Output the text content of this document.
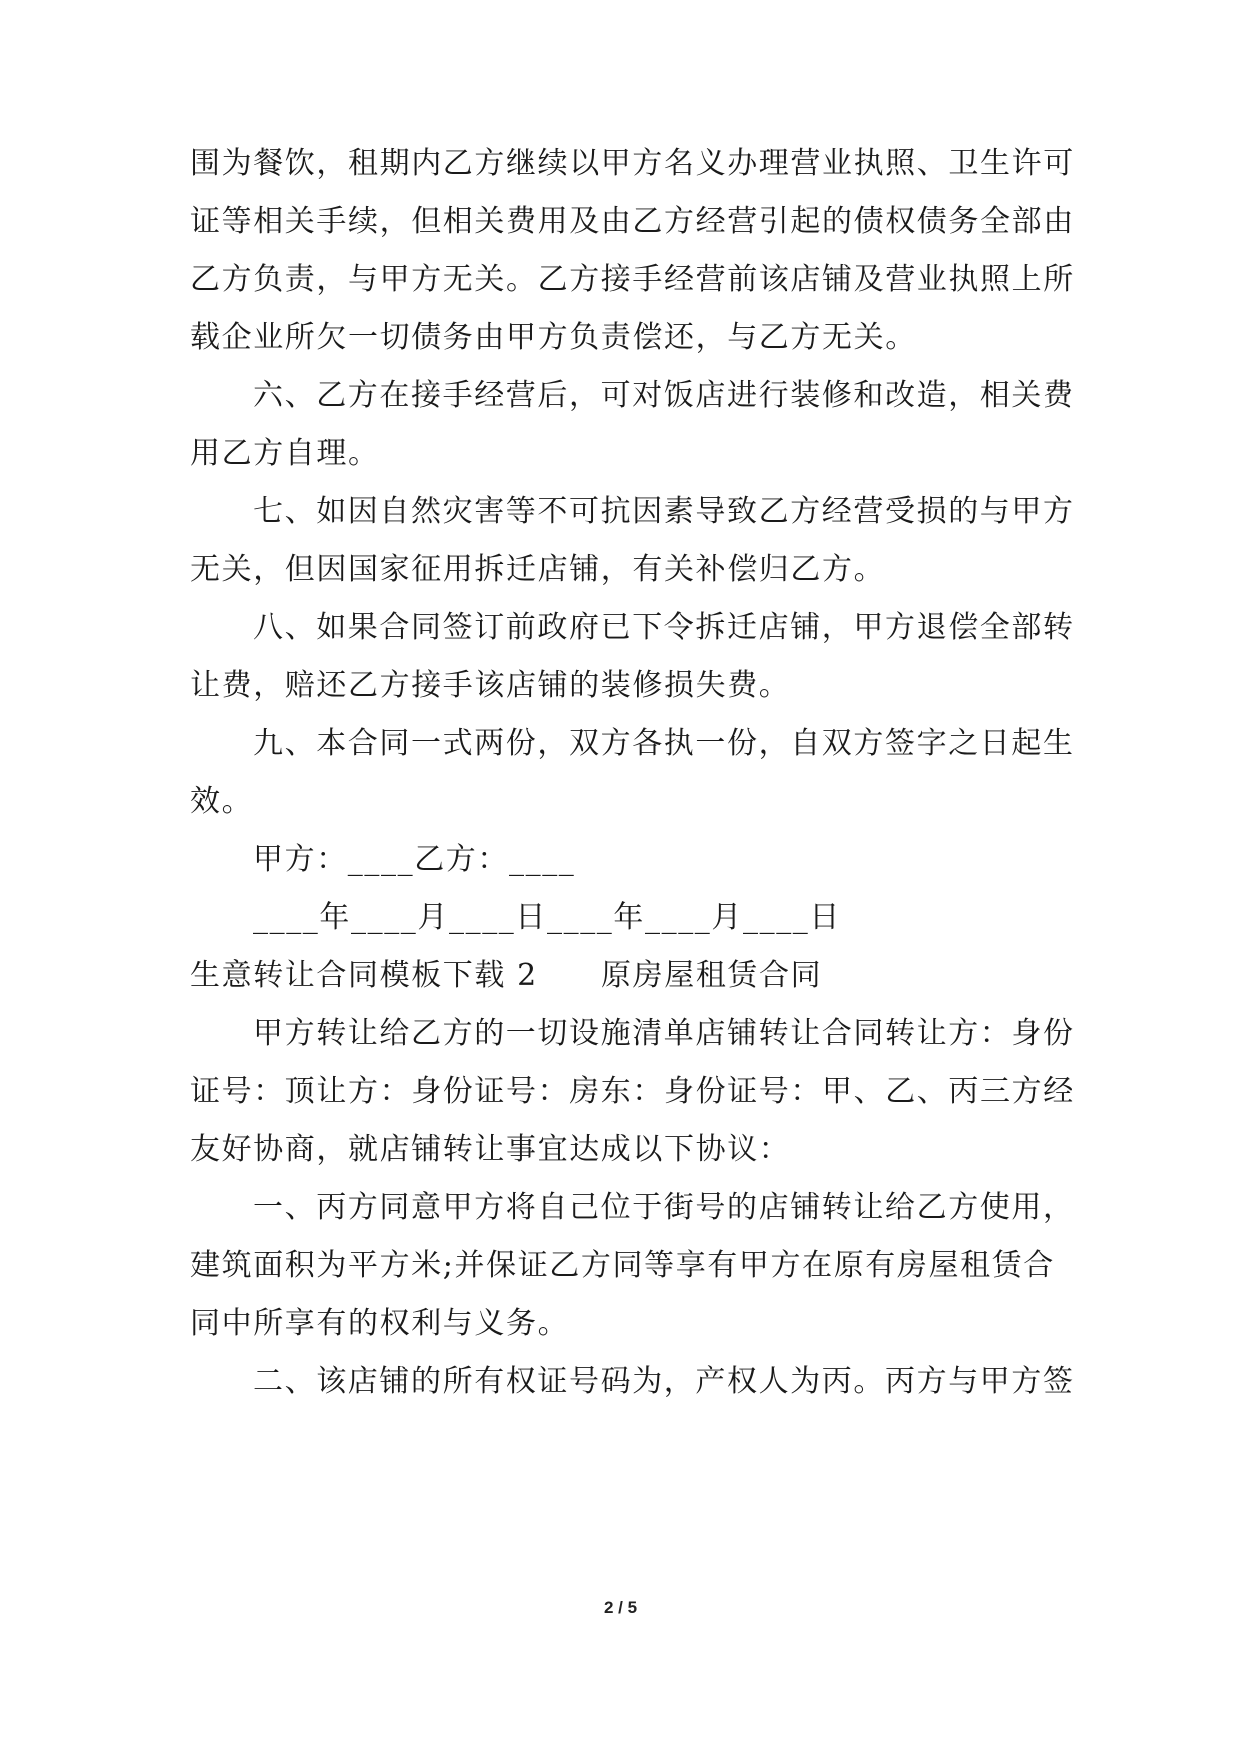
围为餐饮，租期内乙方继续以甲方名义办理营业执照、卫生许可
证等相关手续，但相关费用及由乙方经营引起的债权债务全部由
乙方负责，与甲方无关。乙方接手经营前该店铺及营业执照上所
载企业所欠一切债务由甲方负责偿还，与乙方无关。
六、乙方在接手经营后，可对饭店进行装修和改造，相关费
用乙方自理。
七、如因自然灾害等不可抗因素导致乙方经营受损的与甲方
无关，但因国家征用拆迁店铺，有关补偿归乙方。
八、如果合同签订前政府已下令拆迁店铺，甲方退偿全部转
让费，赔还乙方接手该店铺的装修损失费。
九、本合同一式两份，双方各执一份，自双方签字之日起生
效。
甲方：____乙方：____
____年____月____日____年____月____日
生意转让合同模板下载 2　　原房屋租赁合同
甲方转让给乙方的一切设施清单店铺转让合同转让方：身份
证号：顶让方：身份证号：房东：身份证号：甲、乙、丙三方经
友好协商，就店铺转让事宜达成以下协议：
一、丙方同意甲方将自己位于街号的店铺转让给乙方使用，
建筑面积为平方米;并保证乙方同等享有甲方在原有房屋租赁合
同中所享有的权利与义务。
二、该店铺的所有权证号码为，产权人为丙。丙方与甲方签
2 / 5
